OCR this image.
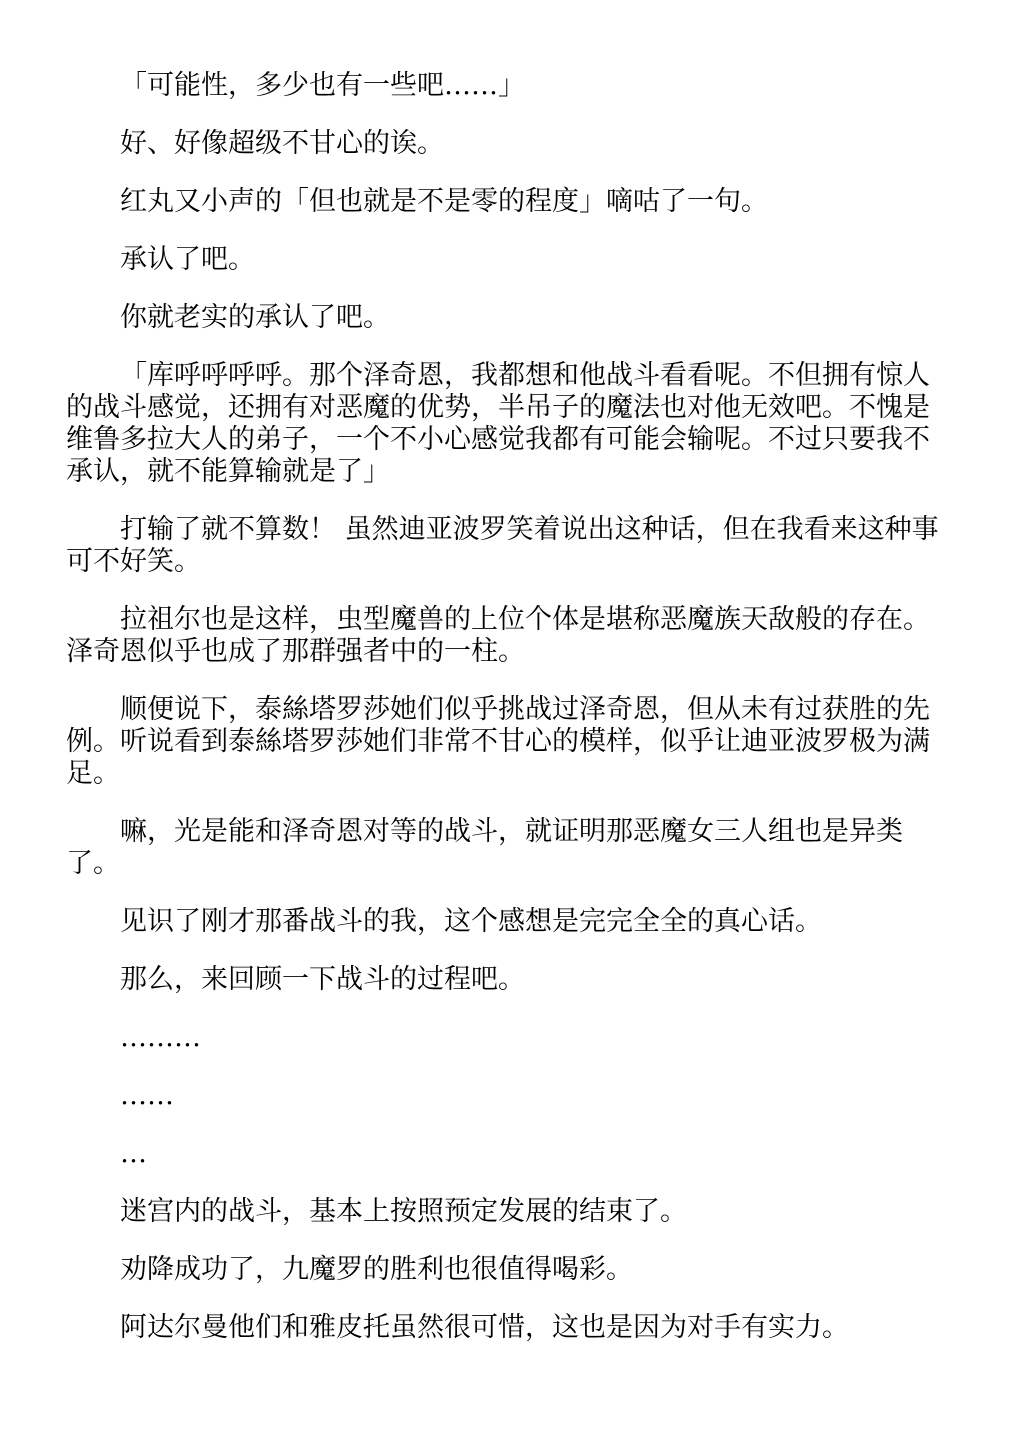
「可能性，多少也有一些吧……」

好、好像超级不甘心的诶。

红丸又小声的「但也就是不是零的程度」嘀咕了一句。

承认了吧。

你就老实的承认了吧。

「库呼呼呼呼。那个泽奇恩，我都想和他战斗看看呢。不但拥有惊人的战斗感觉，还拥有对恶魔的优势，半吊子的魔法也对他无效吧。不愧是维鲁多拉大人的弟子，一个不小心感觉我都有可能会输呢。不过只要我不承认，就不能算输就是了」

打输了就不算数！ 虽然迪亚波罗笑着说出这种话，但在我看来这种事可不好笑。

拉祖尔也是这样，虫型魔兽的上位个体是堪称恶魔族天敌般的存在。泽奇恩似乎也成了那群强者中的一柱。

顺便说下，泰絲塔罗莎她们似乎挑战过泽奇恩，但从未有过获胜的先例。听说看到泰絲塔罗莎她们非常不甘心的模样，似乎让迪亚波罗极为满足。

嘛，光是能和泽奇恩对等的战斗，就证明那恶魔女三人组也是异类了。

见识了刚才那番战斗的我，这个感想是完完全全的真心话。

那么，来回顾一下战斗的过程吧。

………

……

…

迷宫内的战斗，基本上按照预定发展的结束了。

劝降成功了，九魔罗的胜利也很值得喝彩。

阿达尔曼他们和雅皮托虽然很可惜，这也是因为对手有实力。
